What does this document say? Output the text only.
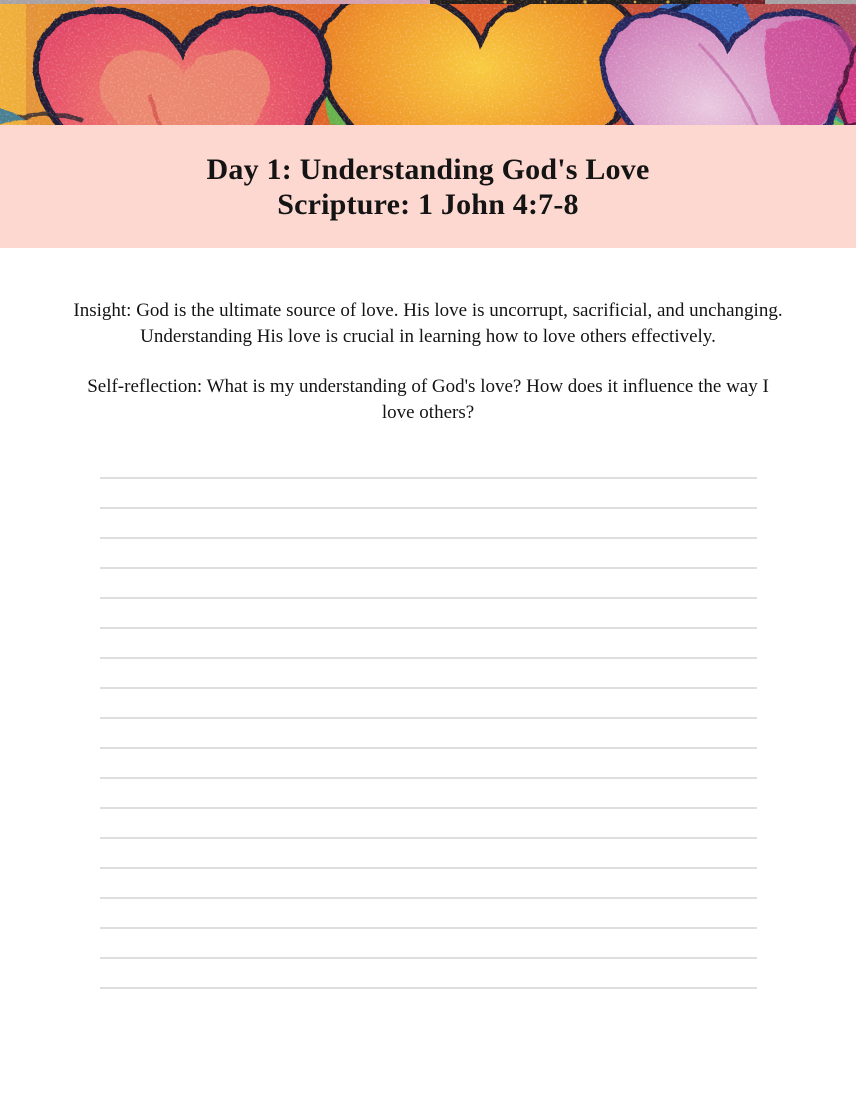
Day 1: Understanding God's Love
Scripture: 1 John 4:7-8

Insight: God is the ultimate source of love. His love is uncorrupt, sacrificial, and unchanging. Understanding His love is crucial in learning how to love others effectively.

Self-reflection: What is my understanding of God's love? How does it influence the way I love others?
